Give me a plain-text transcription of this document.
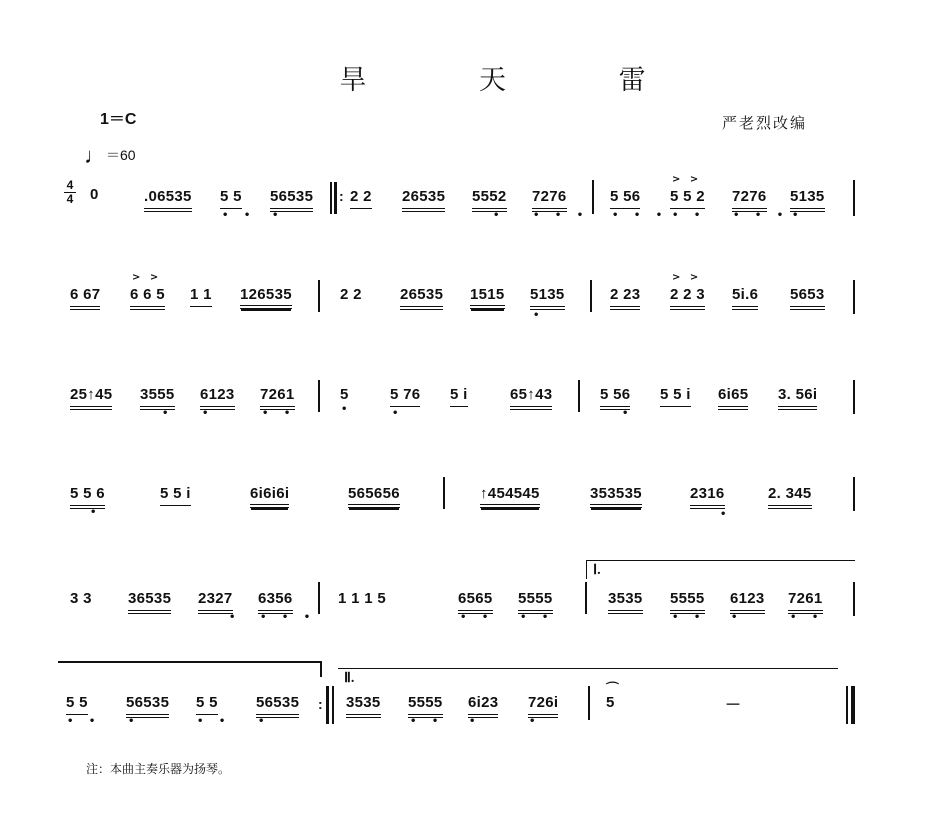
旱 天 雷
1＝C
♩＝60
严老烈改编
4
4 0	.06535 5 5
• •
56535
•
: 2 2 26535 5552
•
7276
• • •
5 56
• • •
> >
5 5 2
• •
7276
• • •
5135
•
6 67
> >
6 6 5 1 1 126535	2 2	26535 1515 5135
•
2 23
> >
2 2 3 5i.6 5653
25↑45 3555
•
6123
•
7261
• •
5
•
5 76
•
5 i	65↑43	5 56
•
5 5 i 6i65 3. 56i
5 5 6
•
5 5 i	6i6i6i	565656	↑454545	353535	2316
•
2. 345
3 3 36535 2327
•
6356
• • •
1 1 1 5	6565
• •
5555
• •
Ⅰ.
3535 5555
• •
6123
•
7261
• •
5 5
• •
56535
•
5 5
• •
56535
•
:
Ⅱ.
3535 5555
• •
6i23
•
726i
•
⌒
5	－
注：本曲主奏乐器为扬琴。
